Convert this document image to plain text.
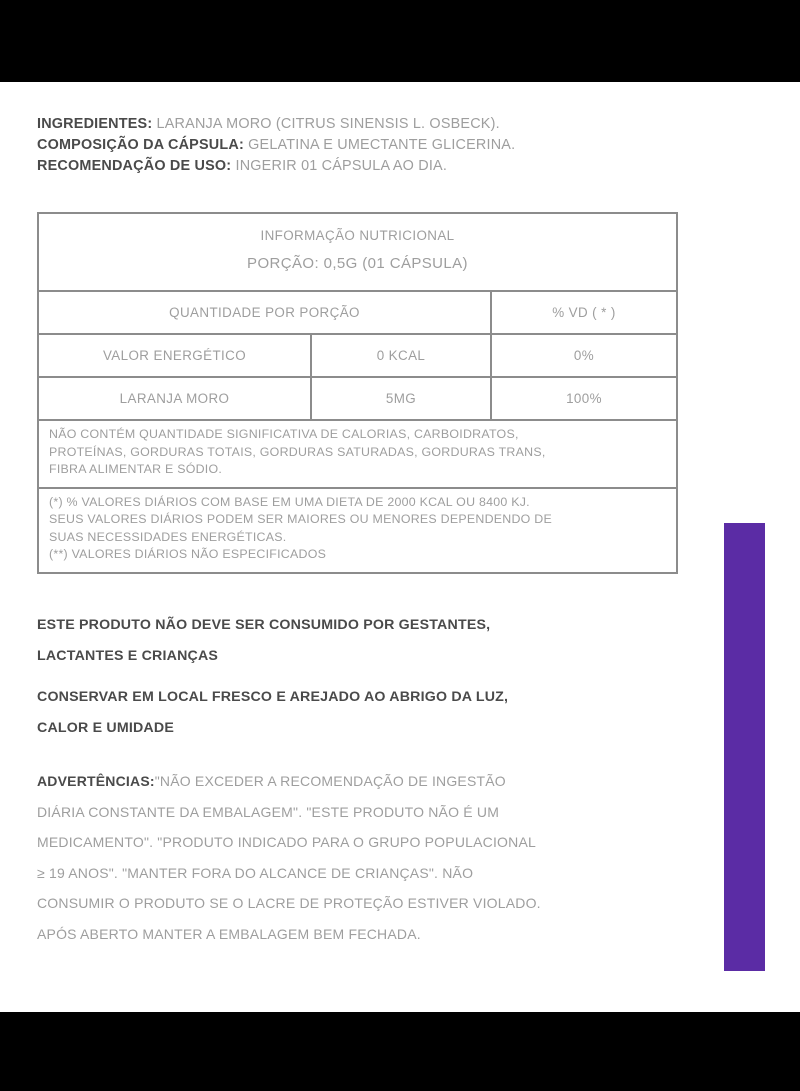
INGREDIENTES: LARANJA MORO (CITRUS SINENSIS L. OSBECK).
COMPOSIÇÃO DA CÁPSULA: GELATINA E UMECTANTE GLICERINA.
RECOMENDAÇÃO DE USO: INGERIR 01 CÁPSULA AO DIA.
INFORMAÇÃO NUTRICIONAL
PORÇÃO: 0,5G (01 CÁPSULA)
QUANTIDADE POR PORÇÃO	% VD ( * )
VALOR ENERGÉTICO	0 KCAL	0%
LARANJA MORO	5MG	100%
NÃO CONTÉM QUANTIDADE SIGNIFICATIVA DE CALORIAS, CARBOIDRATOS,
PROTEÍNAS, GORDURAS TOTAIS, GORDURAS SATURADAS, GORDURAS TRANS,
FIBRA ALIMENTAR E SÓDIO.
(*) % VALORES DIÁRIOS COM BASE EM UMA DIETA DE 2000 KCAL OU 8400 KJ.
SEUS VALORES DIÁRIOS PODEM SER MAIORES OU MENORES DEPENDENDO DE
SUAS NECESSIDADES ENERGÉTICAS.
(**) VALORES DIÁRIOS NÃO ESPECIFICADOS
ESTE PRODUTO NÃO DEVE SER CONSUMIDO POR GESTANTES,
LACTANTES E CRIANÇAS
CONSERVAR EM LOCAL FRESCO E AREJADO AO ABRIGO DA LUZ,
CALOR E UMIDADE
ADVERTÊNCIAS:"NÃO EXCEDER A RECOMENDAÇÃO DE INGESTÃO
DIÁRIA CONSTANTE DA EMBALAGEM". "ESTE PRODUTO NÃO É UM
MEDICAMENTO". "PRODUTO INDICADO PARA O GRUPO POPULACIONAL
≥ 19 ANOS". "MANTER FORA DO ALCANCE DE CRIANÇAS". NÃO
CONSUMIR O PRODUTO SE O LACRE DE PROTEÇÃO ESTIVER VIOLADO.
APÓS ABERTO MANTER A EMBALAGEM BEM FECHADA.
